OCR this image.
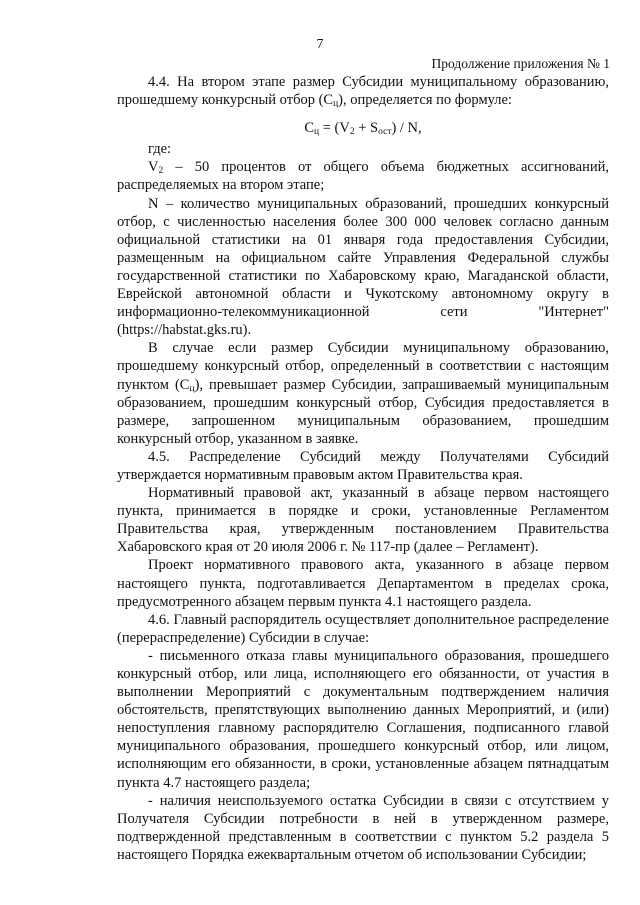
7
Продолжение приложения № 1

4.4. На втором этапе размер Субсидии муниципальному образованию, прошедшему конкурсный отбор $(C_ц)$, определяется по формуле:

$C_ц = (V_2 + S_{ост}) / N$,

где:

$V_2 - 50$ процентов от общего объема бюджетных ассигнований, распределяемых на втором этапе;

N – количество муниципальных образований, прошедших конкурсный отбор, с численностью населения более 300 000 человек согласно данным официальной статистики на 01 января года предоставления Субсидии, размещенным на официальном сайте Управления Федеральной службы государственной статистики по Хабаровскому краю, Магаданской области, Еврейской автономной области и Чукотскому автономному округу в информационно-телекоммуникационной сети "Интернет" (https://habstat.gks.ru).

В случае если размер Субсидии муниципальному образованию, прошедшему конкурсный отбор, определенный в соответствии с настоящим пунктом $(C_ц)$, превышает размер Субсидии, запрашиваемый муниципальным образованием, прошедшим конкурсный отбор, Субсидия предоставляется в размере, запрошенном муниципальным образованием, прошедшим конкурсный отбор, указанном в заявке.

4.5. Распределение Субсидий между Получателями Субсидий утверждается нормативным правовым актом Правительства края.

Нормативный правовой акт, указанный в абзаце первом настоящего пункта, принимается в порядке и сроки, установленные Регламентом Правительства края, утвержденным постановлением Правительства Хабаровского края от 20 июля 2006 г. № 117-пр (далее – Регламент).

Проект нормативного правового акта, указанного в абзаце первом настоящего пункта, подготавливается Департаментом в пределах срока, предусмотренного абзацем первым пункта 4.1 настоящего раздела.

4.6. Главный распорядитель осуществляет дополнительное распределение (перераспределение) Субсидии в случае:

- письменного отказа главы муниципального образования, прошедшего конкурсный отбор, или лица, исполняющего его обязанности, от участия в выполнении Мероприятий с документальным подтверждением наличия обстоятельств, препятствующих выполнению данных Мероприятий, и (или) непоступления главному распорядителю Соглашения, подписанного главой муниципального образования, прошедшего конкурсный отбор, или лицом, исполняющим его обязанности, в сроки, установленные абзацем пятнадцатым пункта 4.7 настоящего раздела;

- наличия неиспользуемого остатка Субсидии в связи с отсутствием у Получателя Субсидии потребности в ней в утвержденном размере, подтвержденной представленным в соответствии с пунктом 5.2 раздела 5 настоящего Порядка ежеквартальным отчетом об использовании Субсидии;
